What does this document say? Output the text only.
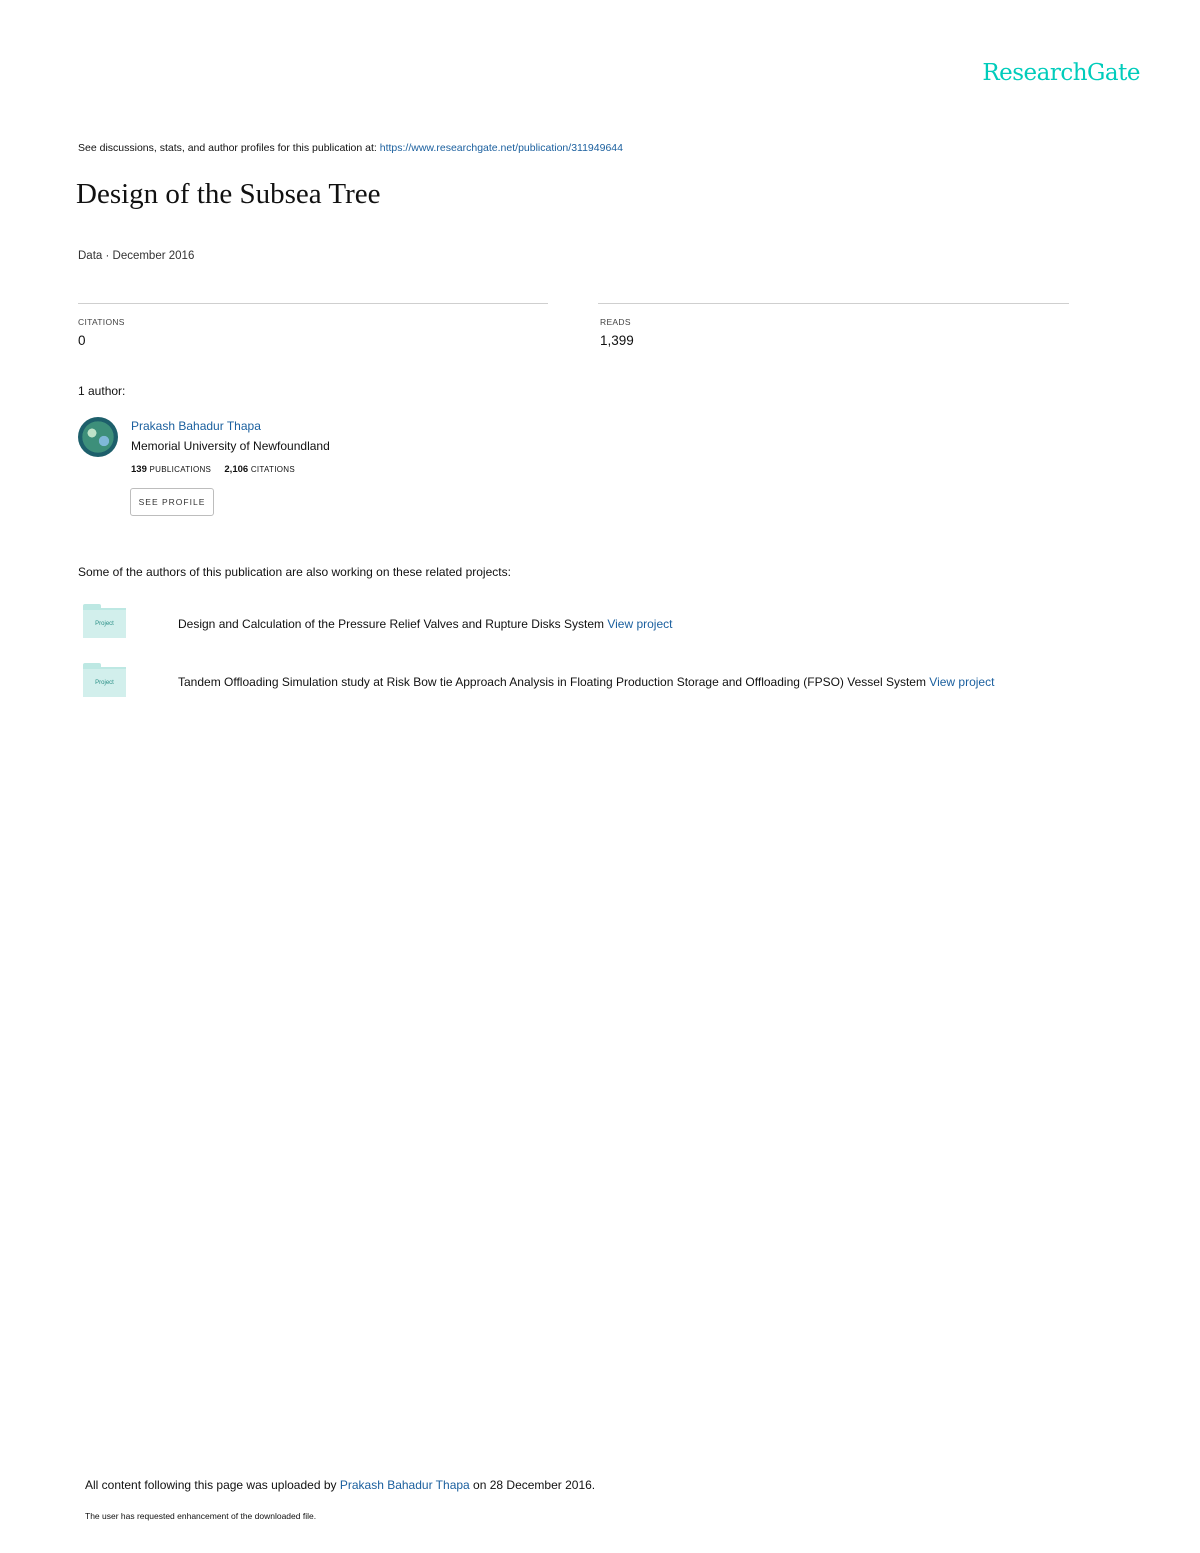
ResearchGate
See discussions, stats, and author profiles for this publication at: https://www.researchgate.net/publication/311949644
Design of the Subsea Tree
Data · December 2016
CITATIONS
0
READS
1,399
1 author:
Prakash Bahadur Thapa
Memorial University of Newfoundland
139 PUBLICATIONS 2,106 CITATIONS
SEE PROFILE
Some of the authors of this publication are also working on these related projects:
Project	Design and Calculation of the Pressure Relief Valves and Rupture Disks System View project
Project	Tandem Offloading Simulation study at Risk Bow tie Approach Analysis in Floating Production Storage and Offloading (FPSO) Vessel System View project
All content following this page was uploaded by Prakash Bahadur Thapa on 28 December 2016.
The user has requested enhancement of the downloaded file.
